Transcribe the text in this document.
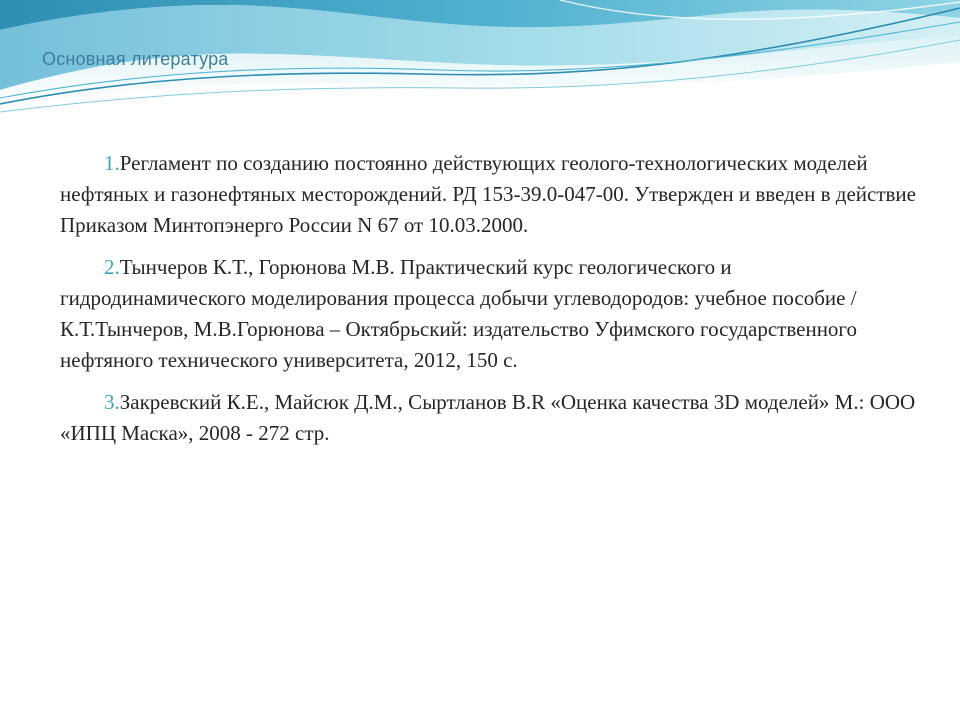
Основная литература

1.Регламент по созданию постоянно действующих геолого-технологических моделей нефтяных и газонефтяных месторождений. РД 153-39.0-047-00. Утвержден и введен в действие Приказом Минтопэнерго России N 67 от 10.03.2000.

2.Тынчеров К.Т., Горюнова М.В. Практический курс геологического и гидродинамического моделирования процесса добычи углеводородов: учебное пособие / К.Т.Тынчеров, М.В.Горюнова – Октябрьский: издательство Уфимского государственного нефтяного технического университета, 2012, 150 с.

3.Закревский К.Е., Майсюк Д.М., Сыртланов В.R «Оценка качества 3D моделей» М.: ООО «ИПЦ Маска», 2008 - 272 стр.
